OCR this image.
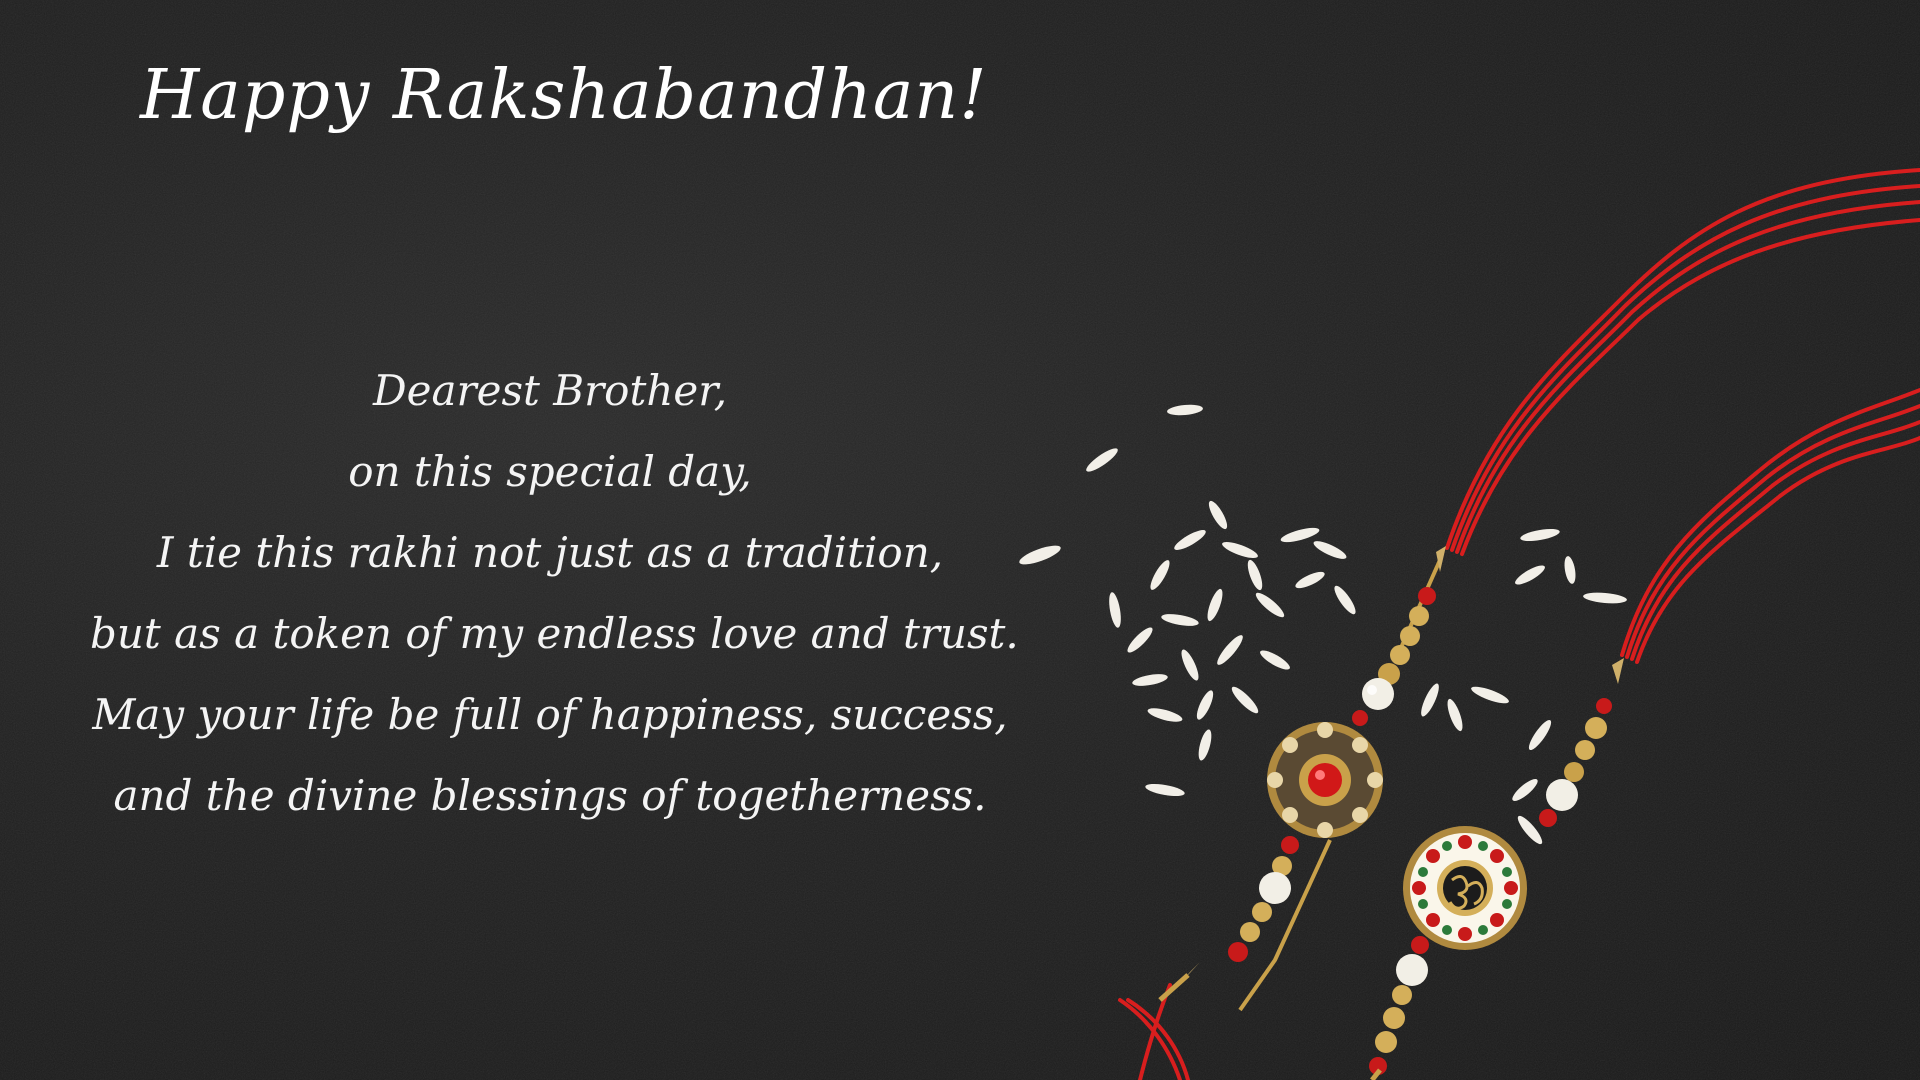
Happy Rakshabandhan!
Dearest Brother,
on this special day,
I tie this rakhi not just as a tradition,
but as a token of my endless love and trust.
May your life be full of happiness, success,
and the divine blessings of togetherness.
